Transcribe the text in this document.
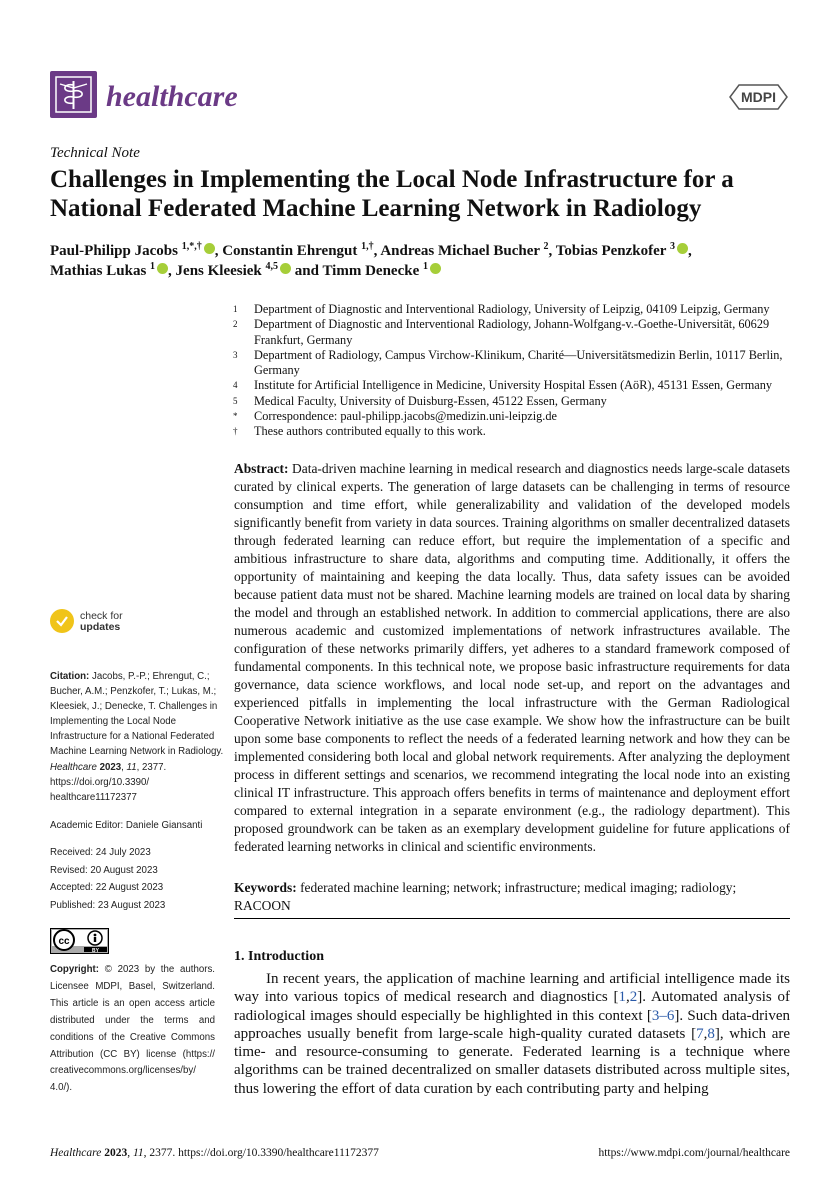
healthcare	MDPI
Technical Note
Challenges in Implementing the Local Node Infrastructure for a National Federated Machine Learning Network in Radiology
Paul-Philipp Jacobs $^{1,*,\dagger}$ , Constantin Ehrengut $^{1,\dagger}$, Andreas Michael Bucher $^2$, Tobias Penzkofer $^3$ ,
Mathias Lukas $^1$ , Jens Kleesiek $^{4,5}$ and Timm Denecke $^1$
1	Department of Diagnostic and Interventional Radiology, University of Leipzig, 04109 Leipzig, Germany
2	Department of Diagnostic and Interventional Radiology, Johann-Wolfgang-v.-Goethe-Universität, 60629 Frankfurt, Germany
3	Department of Radiology, Campus Virchow-Klinikum, Charité—Universitätsmedizin Berlin, 10117 Berlin, Germany
4	Institute for Artificial Intelligence in Medicine, University Hospital Essen (AöR), 45131 Essen, Germany
5	Medical Faculty, University of Duisburg-Essen, 45122 Essen, Germany
*	Correspondence: paul-philipp.jacobs@medizin.uni-leipzig.de
†	These authors contributed equally to this work.
Abstract: Data-driven machine learning in medical research and diagnostics needs large-scale datasets curated by clinical experts. The generation of large datasets can be challenging in terms of resource consumption and time effort, while generalizability and validation of the developed models significantly benefit from variety in data sources. Training algorithms on smaller decentralized datasets through federated learning can reduce effort, but require the implementation of a specific and ambitious infrastructure to share data, algorithms and computing time. Additionally, it offers the opportunity of maintaining and keeping the data locally. Thus, data safety issues can be avoided because patient data must not be shared. Machine learning models are trained on local data by sharing the model and through an established network. In addition to commercial applications, there are also numerous academic and customized implementations of network infrastructures available. The configuration of these networks primarily differs, yet adheres to a standard framework composed of fundamental components. In this technical note, we propose basic infrastructure requirements for data governance, data science workflows, and local node set-up, and report on the advantages and experienced pitfalls in implementing the local infrastructure with the German Radiological Cooperative Network initiative as the use case example. We show how the infrastructure can be built upon some base components to reflect the needs of a federated learning network and how they can be implemented considering both local and global network requirements. After analyzing the deployment process in different settings and scenarios, we recommend integrating the local node into an existing clinical IT infrastructure. This approach offers benefits in terms of maintenance and deployment effort compared to external integration in a separate environment (e.g., the radiology department). This proposed groundwork can be taken as an exemplary development guideline for future applications of federated learning networks in clinical and scientific environments.
Keywords: federated machine learning; network; infrastructure; medical imaging; radiology; RACOON
check for
updates
Citation: Jacobs, P.-P.; Ehrengut, C.; Bucher, A.M.; Penzkofer, T.; Lukas, M.; Kleesiek, J.; Denecke, T. Challenges in Implementing the Local Node Infrastructure for a National Federated Machine Learning Network in Radiology. Healthcare 2023, 11, 2377. https://doi.org/10.3390/ healthcare11172377
Academic Editor: Daniele Giansanti
Received: 24 July 2023
Revised: 20 August 2023
Accepted: 22 August 2023
Published: 23 August 2023
cc
BY
Copyright: © 2023 by the authors. Licensee MDPI, Basel, Switzerland. This article is an open access article distributed under the terms and conditions of the Creative Commons Attribution (CC BY) license (https:// creativecommons.org/licenses/by/ 4.0/).
1. Introduction

In recent years, the application of machine learning and artificial intelligence made its way into various topics of medical research and diagnostics [1,2]. Automated analysis of radiological images should especially be highlighted in this context [3–6]. Such data-driven approaches usually benefit from large-scale high-quality curated datasets [7,8], which are time- and resource-consuming to generate. Federated learning is a technique where algorithms can be trained decentralized on smaller datasets distributed across multiple sites, thus lowering the effort of data curation by each contributing party and helping

Healthcare 2023, 11, 2377. https://doi.org/10.3390/healthcare11172377	https://www.mdpi.com/journal/healthcare
